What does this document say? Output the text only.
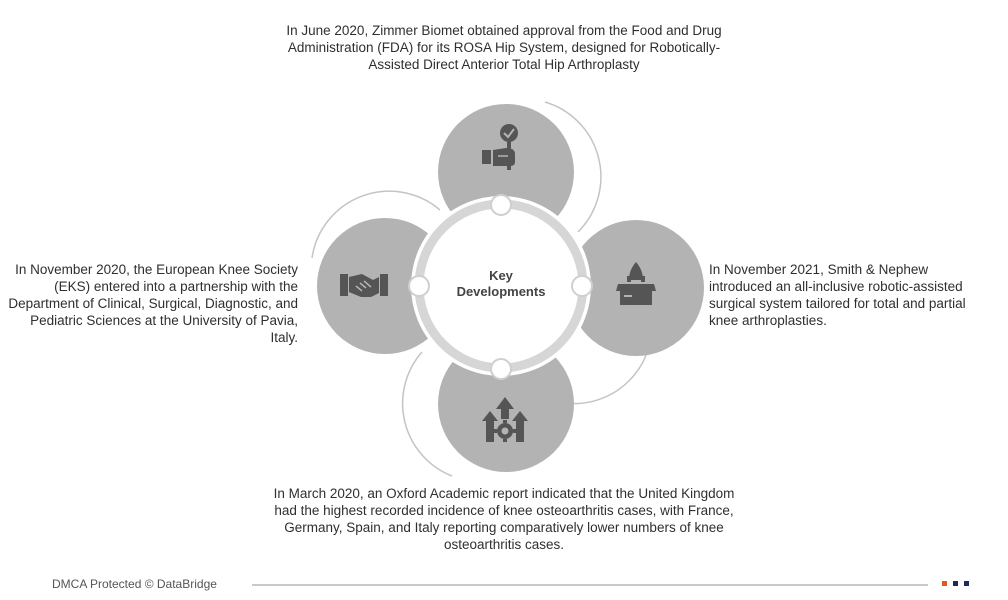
Key
Developments
In June 2020, Zimmer Biomet obtained approval from the Food and Drug Administration (FDA) for its ROSA Hip System, designed for Robotically-Assisted Direct Anterior Total Hip Arthroplasty
In November 2020, the European Knee Society (EKS) entered into a partnership with the Department of Clinical, Surgical, Diagnostic, and Pediatric Sciences at the University of Pavia, Italy.
In November 2021, Smith & Nephew introduced an all-inclusive robotic-assisted surgical system tailored for total and partial knee arthroplasties.
In March 2020, an Oxford Academic report indicated that the United Kingdom had the highest recorded incidence of knee osteoarthritis cases, with France, Germany, Spain, and Italy reporting comparatively lower numbers of knee osteoarthritis cases.
DMCA Protected © DataBridge
